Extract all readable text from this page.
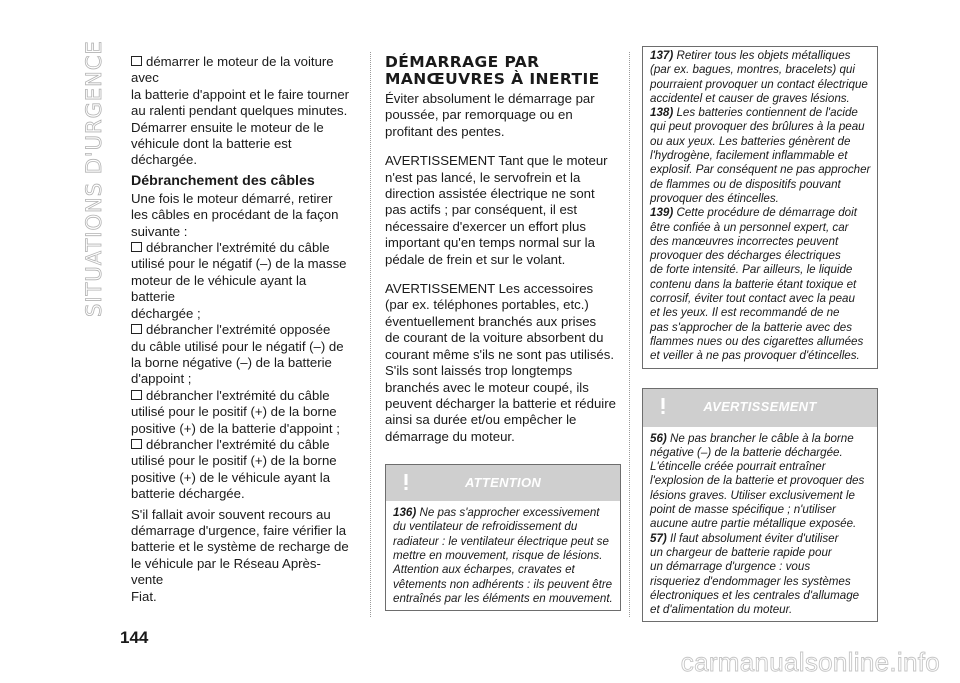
SITUATIONS D'URGENCE	démarrer le moteur de la voiture avec
la batterie d'appoint et le faire tourner
au ralenti pendant quelques minutes.
Démarrer ensuite le moteur de le
véhicule dont la batterie est déchargée.
Débranchement des câbles
Une fois le moteur démarré, retirer
les câbles en procédant de la façon
suivante :
débrancher l'extrémité du câble
utilisé pour le négatif (–) de la masse
moteur de le véhicule ayant la batterie
déchargée ;
débrancher l'extrémité opposée
du câble utilisé pour le négatif (–) de
la borne négative (–) de la batterie
d'appoint ;
débrancher l'extrémité du câble
utilisé pour le positif (+) de la borne
positive (+) de la batterie d'appoint ;
débrancher l'extrémité du câble
utilisé pour le positif (+) de la borne
positive (+) de le véhicule ayant la
batterie déchargée.
S'il fallait avoir souvent recours au
démarrage d'urgence, faire vérifier la
batterie et le système de recharge de
le véhicule par le Réseau Après-vente
Fiat.
DÉMARRAGE PAR
MANŒUVRES À INERTIE
Éviter absolument le démarrage par
poussée, par remorquage ou en
profitant des pentes.
AVERTISSEMENT Tant que le moteur
n'est pas lancé, le servofrein et la
direction assistée électrique ne sont
pas actifs ; par conséquent, il est
nécessaire d'exercer un effort plus
important qu'en temps normal sur la
pédale de frein et sur le volant.
AVERTISSEMENT Les accessoires
(par ex. téléphones portables, etc.)
éventuellement branchés aux prises
de courant de la voiture absorbent du
courant même s'ils ne sont pas utilisés.
S'ils sont laissés trop longtemps
branchés avec le moteur coupé, ils
peuvent décharger la batterie et réduire
ainsi sa durée et/ou empêcher le
démarrage du moteur.
ATTENTION
136) Ne pas s'approcher excessivement
du ventilateur de refroidissement du
radiateur : le ventilateur électrique peut se
mettre en mouvement, risque de lésions.
Attention aux écharpes, cravates et
vêtements non adhérents : ils peuvent être
entraînés par les éléments en mouvement.
137) Retirer tous les objets métalliques
(par ex. bagues, montres, bracelets) qui
pourraient provoquer un contact électrique
accidentel et causer de graves lésions.
138) Les batteries contiennent de l'acide
qui peut provoquer des brûlures à la peau
ou aux yeux. Les batteries génèrent de
l'hydrogène, facilement inflammable et
explosif. Par conséquent ne pas approcher
de flammes ou de dispositifs pouvant
provoquer des étincelles.
139) Cette procédure de démarrage doit
être confiée à un personnel expert, car
des manœuvres incorrectes peuvent
provoquer des décharges électriques
de forte intensité. Par ailleurs, le liquide
contenu dans la batterie étant toxique et
corrosif, éviter tout contact avec la peau
et les yeux. Il est recommandé de ne
pas s'approcher de la batterie avec des
flammes nues ou des cigarettes allumées
et veiller à ne pas provoquer d'étincelles.
AVERTISSEMENT
56) Ne pas brancher le câble à la borne
négative (–) de la batterie déchargée.
L'étincelle créée pourrait entraîner
l'explosion de la batterie et provoquer des
lésions graves. Utiliser exclusivement le
point de masse spécifique ; n'utiliser
aucune autre partie métallique exposée.
57) Il faut absolument éviter d'utiliser
un chargeur de batterie rapide pour
un démarrage d'urgence : vous
risqueriez d'endommager les systèmes
électroniques et les centrales d'allumage
et d'alimentation du moteur.
144
carmanualsonline.info
